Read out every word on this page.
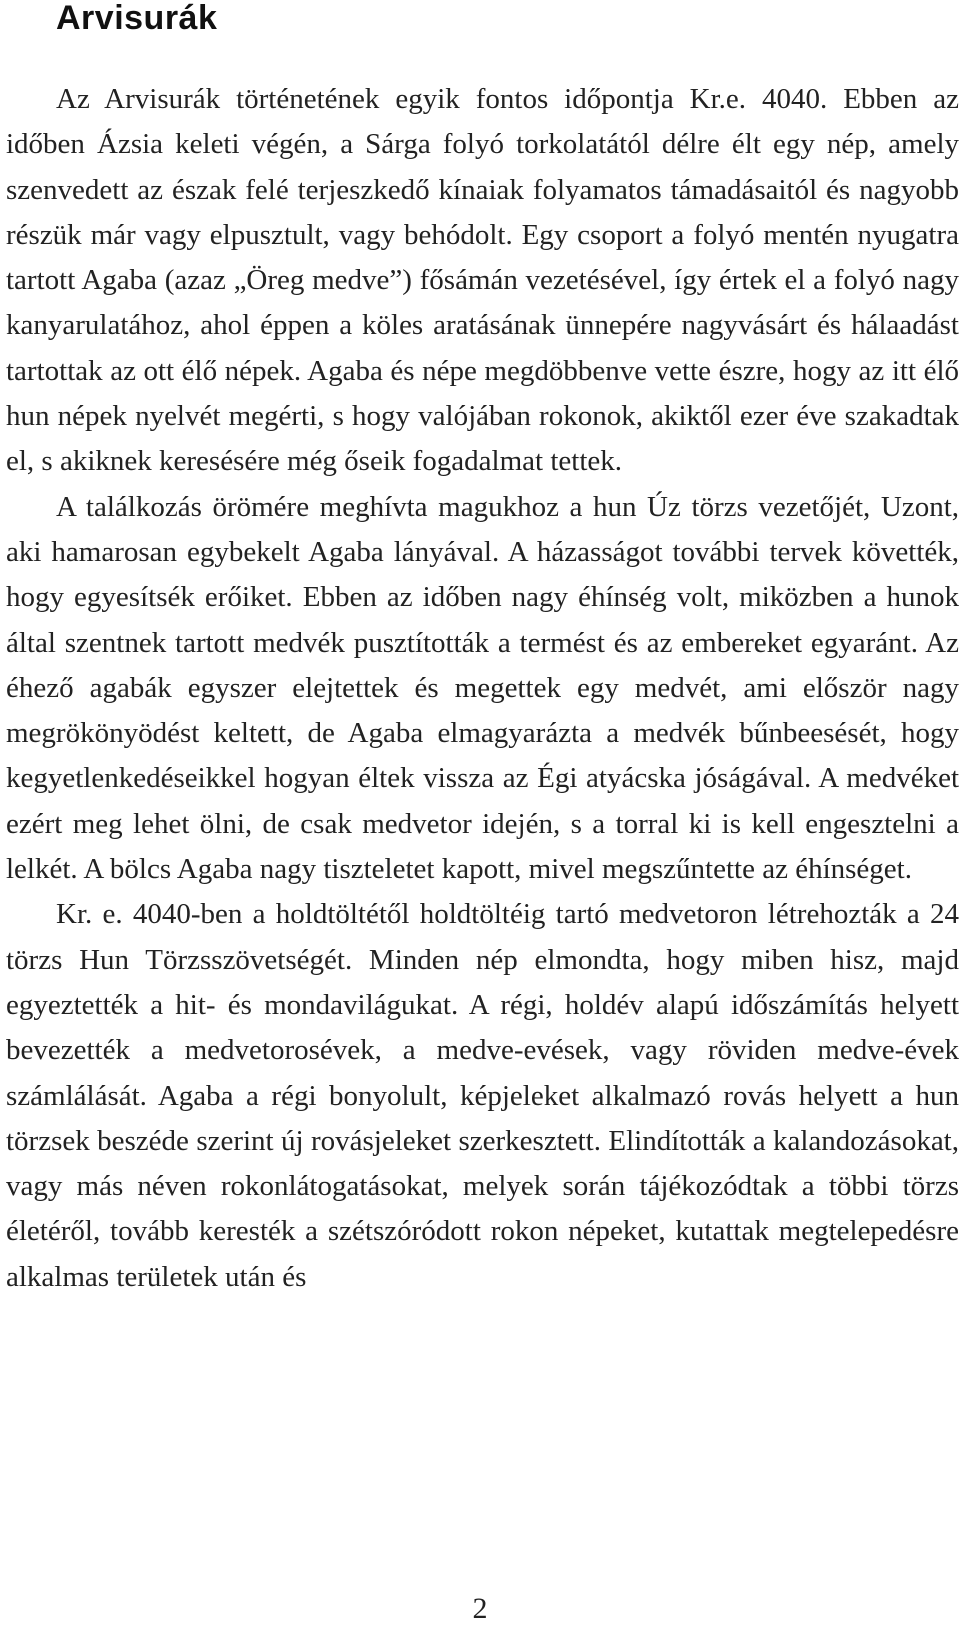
Arvisurák

Az Arvisurák történetének egyik fontos időpontja Kr.e. 4040. Ebben az időben Ázsia keleti végén, a Sárga folyó torkolatától délre élt egy nép, amely szenvedett az észak felé terjeszkedő kínaiak folyamatos támadásaitól és nagyobb részük már vagy elpusztult, vagy behódolt. Egy csoport a folyó mentén nyugatra tartott Agaba (azaz „Öreg medve”) fősámán vezetésével, így értek el a folyó nagy kanyarulatához, ahol éppen a köles aratásának ünnepére nagyvásárt és hálaadást tartottak az ott élő népek. Agaba és népe megdöbbenve vette észre, hogy az itt élő hun népek nyelvét megérti, s hogy valójában rokonok, akiktől ezer éve szakadtak el, s akiknek keresésére még őseik fogadalmat tettek.

A találkozás örömére meghívta magukhoz a hun Úz törzs vezetőjét, Uzont, aki hamarosan egybekelt Agaba lányával. A házasságot további tervek követték, hogy egyesítsék erőiket. Ebben az időben nagy éhínség volt, miközben a hunok által szentnek tartott medvék pusztították a termést és az embereket egyaránt. Az éhező agabák egyszer elejtettek és megettek egy medvét, ami először nagy megrökönyödést keltett, de Agaba elmagyarázta a medvék bűnbeesését, hogy kegyetlenkedéseikkel hogyan éltek vissza az Égi atyácska jóságával. A medvéket ezért meg lehet ölni, de csak medvetor idején, s a torral ki is kell engesztelni a lelkét. A bölcs Agaba nagy tiszteletet kapott, mivel megszűntette az éhínséget.

Kr. e. 4040-ben a holdtöltétől holdtöltéig tartó medvetoron létrehozták a 24 törzs Hun Törzsszövetségét. Minden nép elmondta, hogy miben hisz, majd egyeztették a hit- és mondavilágukat. A régi, holdév alapú időszámítás helyett bevezették a medvetorosévek, a medve-evések, vagy röviden medve-évek számlálását. Agaba a régi bonyolult, képjeleket alkalmazó rovás helyett a hun törzsek beszéde szerint új rovásjeleket szerkesztett. Elindították a kalandozásokat, vagy más néven rokonlátogatásokat, melyek során tájékozódtak a többi törzs életéről, tovább keresték a szétszóródott rokon népeket, kutattak megtelepedésre alkalmas területek után és

2
